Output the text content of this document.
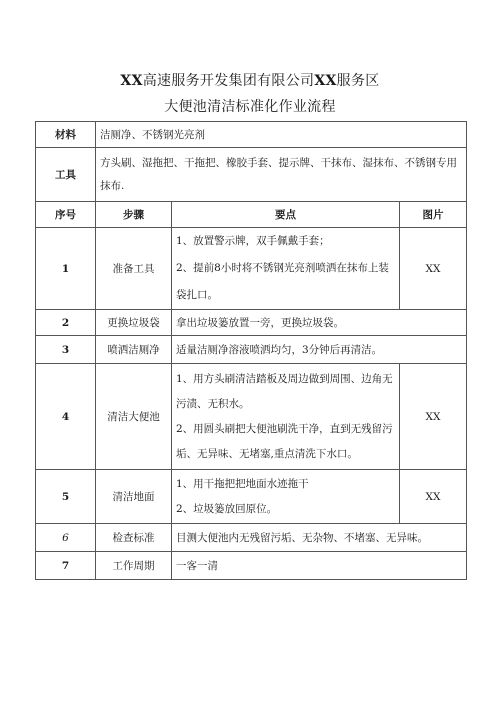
XX高速服务开发集团有限公司XX服务区
大便池清洁标准化作业流程
材料	洁厕净、不锈钢光亮剂		
工具	方头刷、湿拖把、干拖把、橡胶手套、提示牌、干抹布、湿抹布、不锈钢专用抹布.		
序号	步骤	要点	图片
1	准备工具	1、放置警示牌，双手佩戴手套；
2、提前8小时将不锈钢光亮剂喷洒在抹布上装
袋扎口。	XX
2	更换垃圾袋	拿出垃圾篓放置一旁，更换垃圾袋。	
3	喷洒洁厕净	适量洁厕净溶液喷洒均匀，3分钟后再清洁。	
4	清洁大便池	1、用方头刷清洁踏板及周边做到周围、边角无
污渍、无积水。
2、用圆头刷把大便池刷洗干净，直到无残留污
垢、无异味、无堵塞,重点清洗下水口。	XX
5	清洁地面	1、用干拖把把地面水迹拖干
2、垃圾篓放回原位。	XX
6	检查标准	目测大便池内无残留污垢、无杂物、不堵塞、无异味。	
7	工作周期	一客一清	
